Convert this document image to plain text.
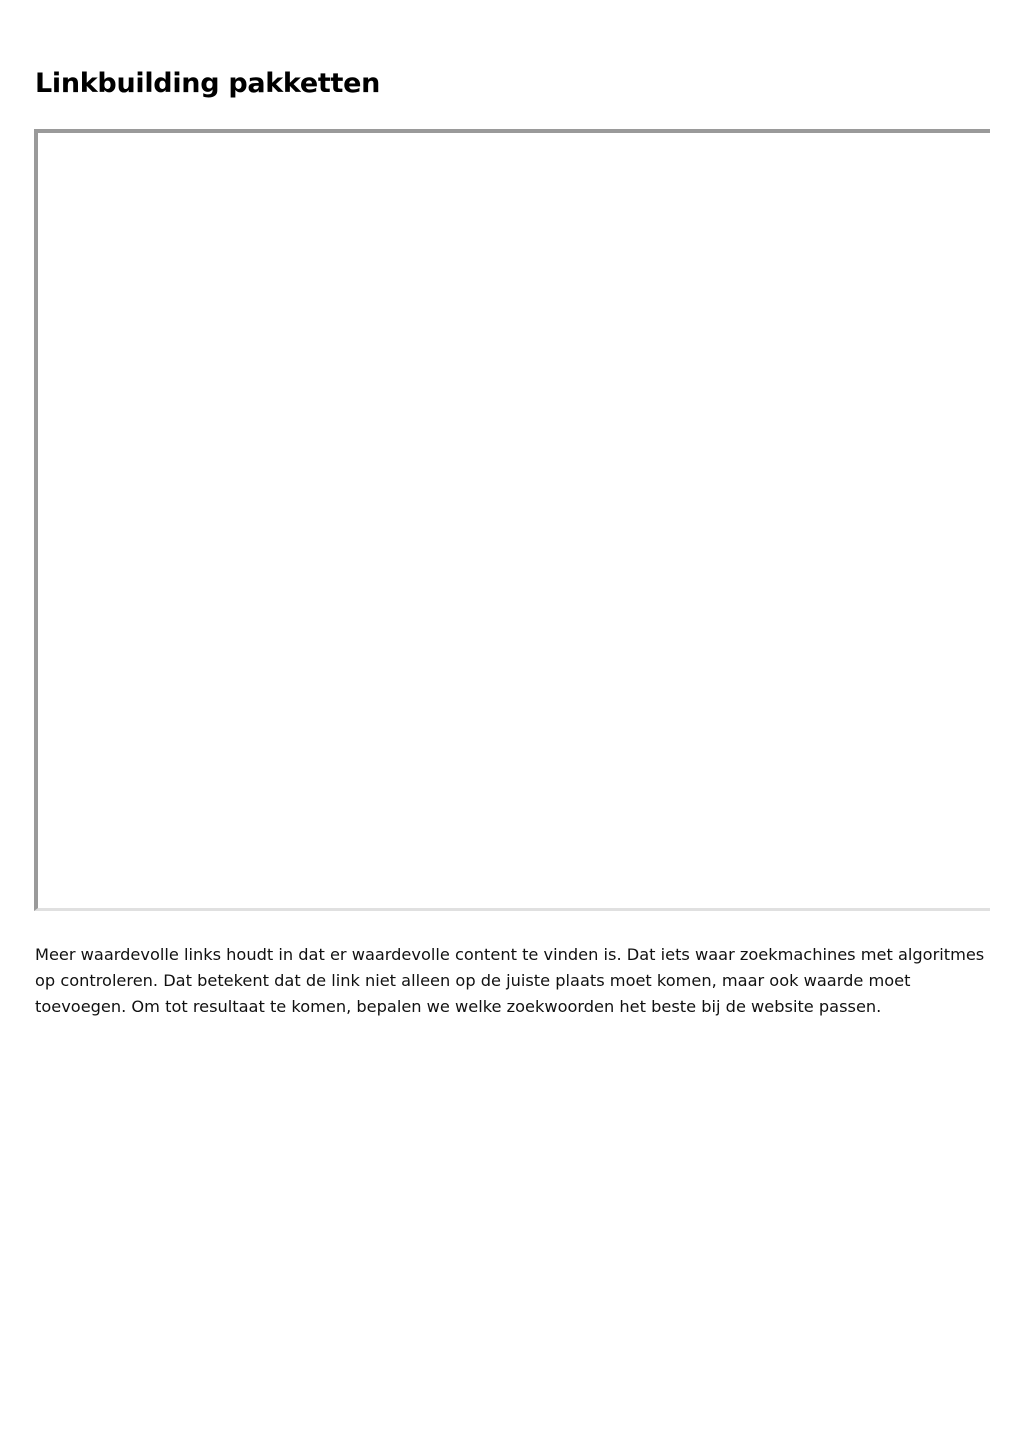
Linkbuilding pakketten

Meer waardevolle links houdt in dat er waardevolle content te vinden is. Dat iets waar zoekmachines met algoritmes op controleren. Dat betekent dat de link niet alleen op de juiste plaats moet komen, maar ook waarde moet toevoegen. Om tot resultaat te komen, bepalen we welke zoekwoorden het beste bij de website passen.
